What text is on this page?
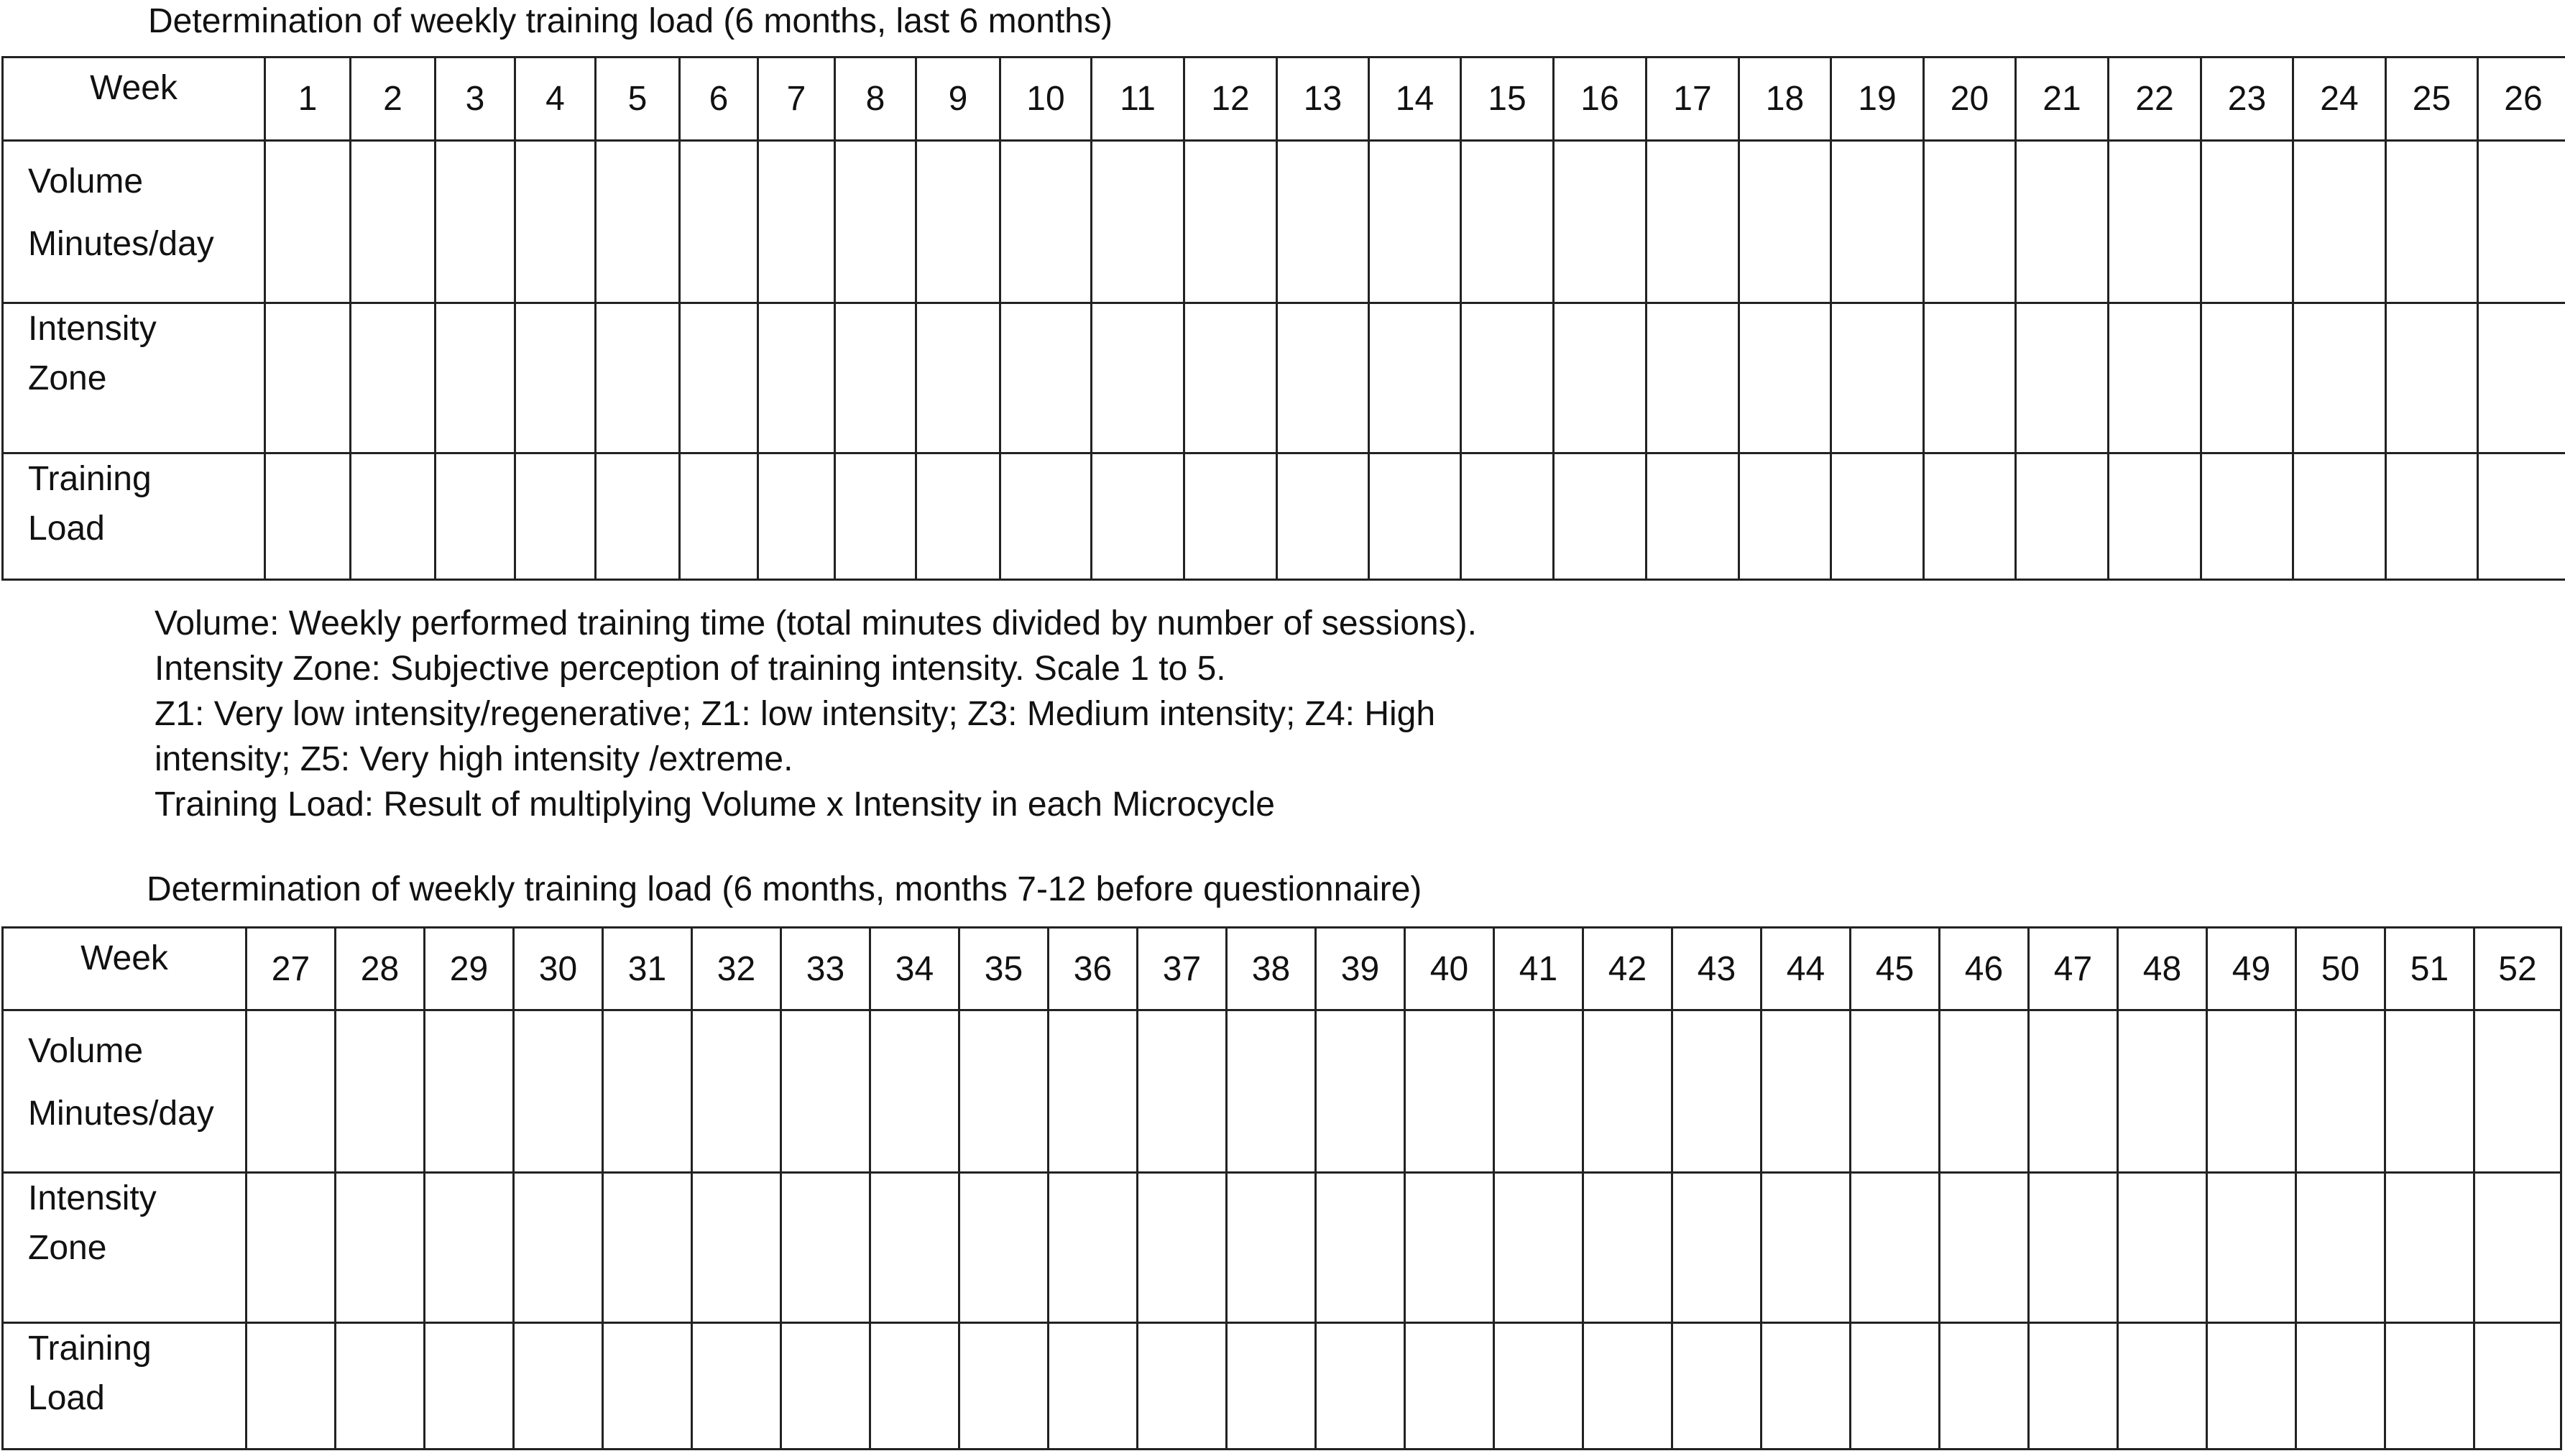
Determination of weekly training load (6 months, last 6 months)
Week	1	2	3	4	5	6	7	8	9	10	11	12	13	14	15	16	17	18	19	20	21	22	23	24	25	26

Volume
Minutes/day																										

Intensity
Zone																										

Training
Load																										

Volume: Weekly performed training time (total minutes divided by number of sessions).
Intensity Zone: Subjective perception of training intensity. Scale 1 to 5.
Z1: Very low intensity/regenerative; Z1: low intensity; Z3: Medium intensity; Z4: High
intensity; Z5: Very high intensity /extreme.
Training Load: Result of multiplying Volume x Intensity in each Microcycle
Determination of weekly training load (6 months, months 7-12 before questionnaire)
Week	27	28	29	30	31	32	33	34	35	36	37	38	39	40	41	42	43	44	45	46	47	48	49	50	51	52

Volume
Minutes/day																										

Intensity
Zone																										

Training
Load																										
